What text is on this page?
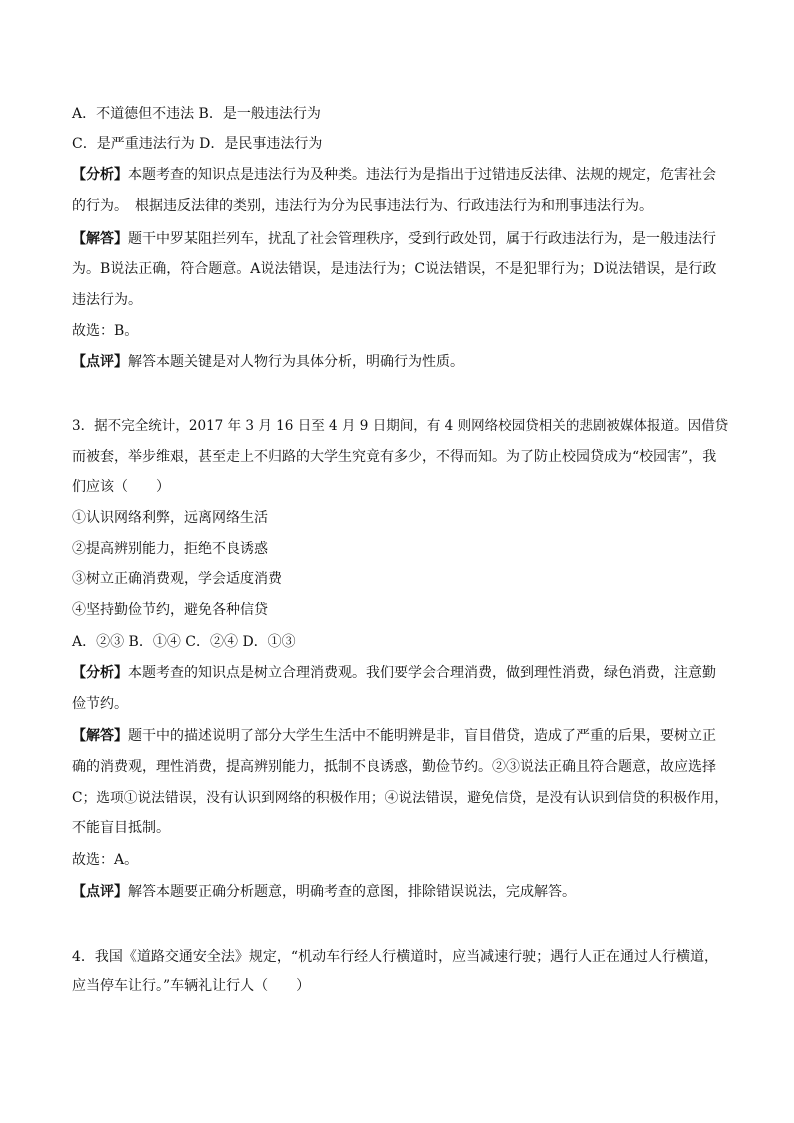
A．不道德但不违法 B．是一般违法行为
C．是严重违法行为 D．是民事违法行为
【分析】本题考查的知识点是违法行为及种类。违法行为是指出于过错违反法律、法规的规定，危害社会
的行为。　根据违反法律的类别，违法行为分为民事违法行为、行政违法行为和刑事违法行为。
【解答】题干中罗某阻拦列车，扰乱了社会管理秩序，受到行政处罚，属于行政违法行为，是一般违法行
为。B说法正确，符合题意。A说法错误，是违法行为；C说法错误，不是犯罪行为；D说法错误，是行政
违法行为。
故选：B。
【点评】解答本题关键是对人物行为具体分析，明确行为性质。
3．据不完全统计，2017 年 3 月 16 日至 4 月 9 日期间，有 4 则网络校园贷相关的悲剧被媒体报道。因借贷
而被套，举步维艰，甚至走上不归路的大学生究竟有多少，不得而知。为了防止校园贷成为“校园害”，我
们应该（　　）
①认识网络利弊，远离网络生活
②提高辨别能力，拒绝不良诱惑
③树立正确消费观，学会适度消费
④坚持勤俭节约，避免各种信贷
A．②③ B．①④ C．②④ D．①③
【分析】本题考查的知识点是树立合理消费观。我们要学会合理消费，做到理性消费，绿色消费，注意勤
俭节约。
【解答】题干中的描述说明了部分大学生生活中不能明辨是非，盲目借贷，造成了严重的后果，要树立正
确的消费观，理性消费，提高辨别能力，抵制不良诱惑，勤俭节约。②③说法正确且符合题意，故应选择
C；选项①说法错误，没有认识到网络的积极作用；④说法错误，避免信贷，是没有认识到信贷的积极作用，
不能盲目抵制。
故选：A。
【点评】解答本题要正确分析题意，明确考查的意图，排除错误说法，完成解答。
4．我国《道路交通安全法》规定，“机动车行经人行横道时，应当减速行驶；遇行人正在通过人行横道，
应当停车让行。”车辆礼让行人（　　）
